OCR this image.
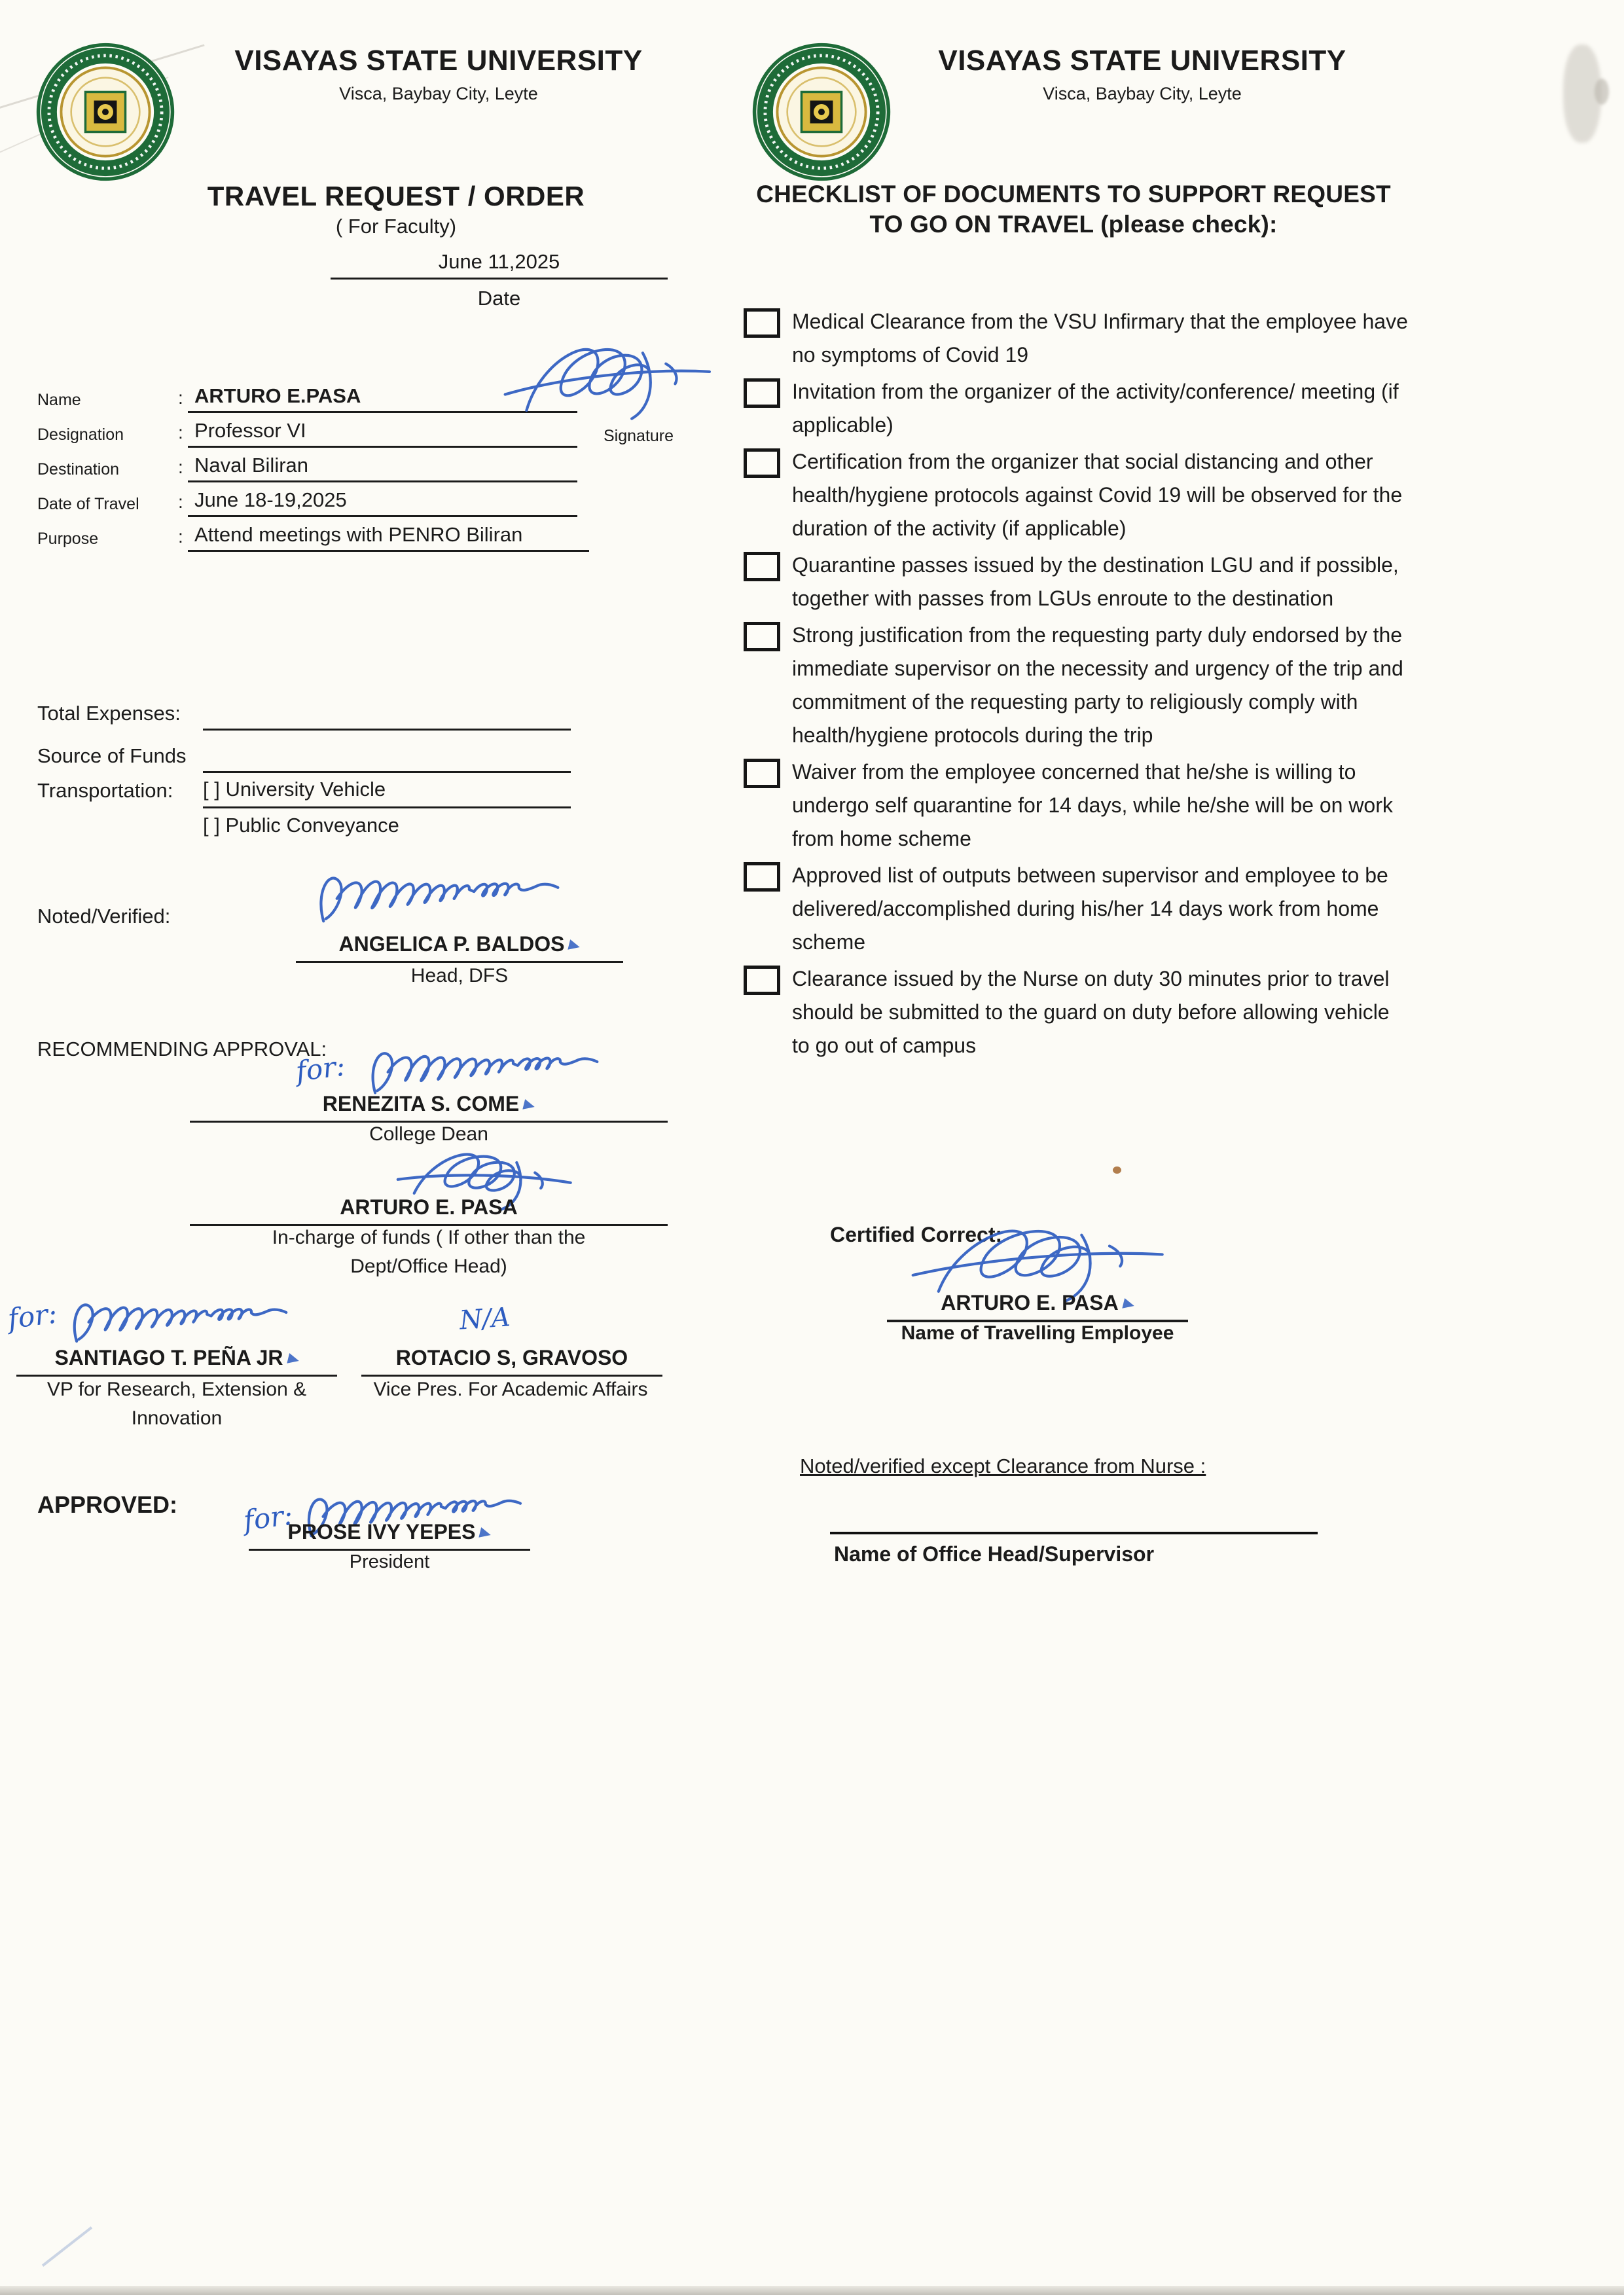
VISAYAS STATE UNIVERSITY
Visca, Baybay City, Leyte
TRAVEL REQUEST / ORDER
( For Faculty)
June 11,2025
Date
Name	: ARTURO E.PASA
Designation	: Professor VI
Destination	: Naval Biliran
Date of Travel : June 18-19,2025
Purpose	: Attend meetings with PENRO Biliran
Signature
Total Expenses:
Source of Funds
Transportation: [ ] University Vehicle
[ ] Public Conveyance
Noted/Verified:
ANGELICA P. BALDOS
Head, DFS
RECOMMENDING APPROVAL:
for:
RENEZITA S. COME
College Dean
ARTURO E. PASA
In-charge of funds ( If other than the
Dept/Office Head)
for:	N/A
SANTIAGO T. PEÑA JR	ROTACIO S, GRAVOSO
VP for Research, Extension &
Innovation
Vice Pres. For Academic Affairs
APPROVED: for:
PROSE IVY YEPES
President
VISAYAS STATE UNIVERSITY
Visca, Baybay City, Leyte
CHECKLIST OF DOCUMENTS TO SUPPORT REQUEST
TO GO ON TRAVEL (please check):
Medical Clearance from the VSU Infirmary that the employee have no symptoms of Covid 19
Invitation from the organizer of the activity/conference/ meeting (if applicable)
Certification from the organizer that social distancing and other health/hygiene protocols against Covid 19 will be observed for the duration of the activity (if applicable)
Quarantine passes issued by the destination LGU and if possible, together with passes from LGUs enroute to the destination
Strong justification from the requesting party duly endorsed by the immediate supervisor on the necessity and urgency of the trip and commitment of the requesting party to religiously comply with health/hygiene protocols during the trip
Waiver from the employee concerned that he/she is willing to undergo self quarantine for 14 days, while he/she will be on work from home scheme
Approved list of outputs between supervisor and employee to be delivered/accomplished during his/her 14 days work from home scheme
Clearance issued by the Nurse on duty 30 minutes prior to travel should be submitted to the guard on duty before allowing vehicle to go out of campus
Certified Correct:
ARTURO E. PASA
Name of Travelling Employee
Noted/verified except Clearance from Nurse :
Name of Office Head/Supervisor
